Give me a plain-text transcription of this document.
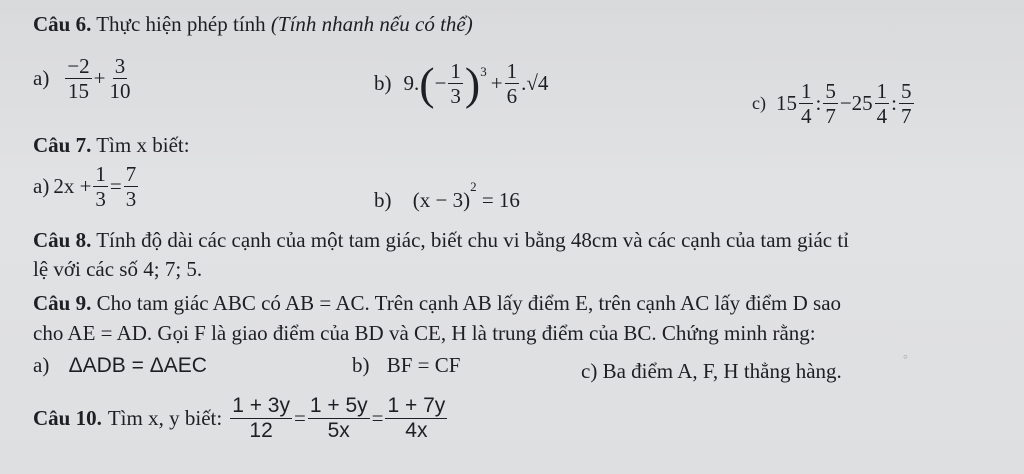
Câu 6. Thực hiện phép tính (Tính nhanh nếu có thể)
$a) \frac{-2}{15} + \frac{3}{10}$	b) 9. ( − $\frac{1}{3}$ ) $3 + \frac{1}{6} .√4$
c) $15 \frac{1}{4}$ : $\frac{5}{7} - 25 \frac{1}{4}$ : $\frac{5}{7}$
Câu 7. Tìm x biết:
a) $2x + \frac{1}{3} = \frac{7}{3}$	b) $(x - 3)^2 = 16$
Câu 8. Tính độ dài các cạnh của một tam giác, biết chu vi bằng 48cm và các cạnh của tam giác tỉ
lệ với các số 4; 7; 5.
Câu 9. Cho tam giác ABC có AB = AC. Trên cạnh AB lấy điểm E, trên cạnh AC lấy điểm D sao
cho AE = AD. Gọi F là giao điểm của BD và CE, H là trung điểm của BC. Chứng minh rằng:
a) ΔADB = ΔAEC	b) BF = CF	c) Ba điểm A, F, H thẳng hàng.	°
Câu 10. Tìm x, y biết: $\frac{1 + 3y}{12} = \frac{1 + 5y}{5x} = \frac{1 + 7y}{4x}$
